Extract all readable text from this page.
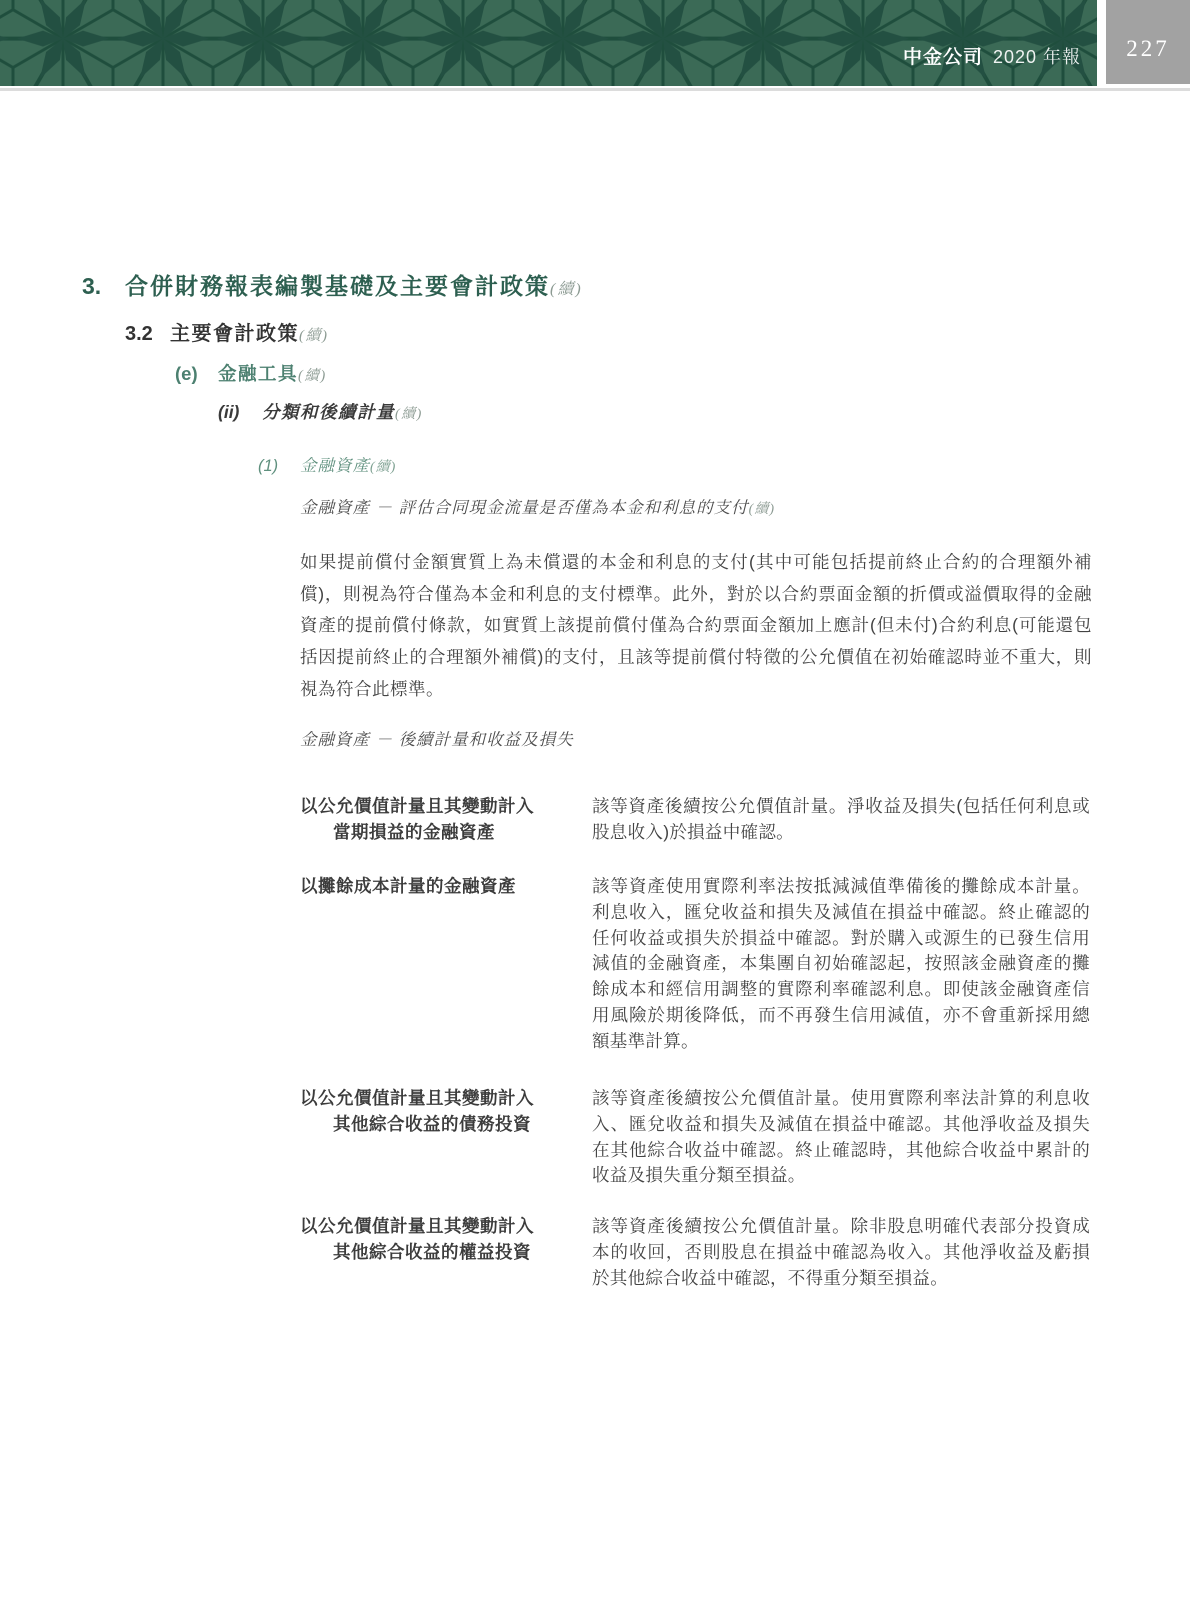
中金公司 2020 年報 227
3. 合併財務報表編製基礎及主要會計政策(續)
3.2 主要會計政策(續)
(e) 金融工具(續)
(ii) 分類和後續計量(續)
(1) 金融資產(續)
金融資產 － 評估合同現金流量是否僅為本金和利息的支付(續)
如果提前償付金額實質上為未償還的本金和利息的支付(其中可能包括提前終止合約的合理額外補償)，則視為符合僅為本金和利息的支付標準。此外，對於以合約票面金額的折價或溢價取得的金融資產的提前償付條款，如實質上該提前償付僅為合約票面金額加上應計(但未付)合約利息(可能還包括因提前終止的合理額外補償)的支付，且該等提前償付特徵的公允價值在初始確認時並不重大，則視為符合此標準。
金融資產 － 後續計量和收益及損失
以公允價值計量且其變動計入
當期損益的金融資產
該等資產後續按公允價值計量。淨收益及損失(包括任何利息或股息收入)於損益中確認。
以攤餘成本計量的金融資產	該等資產使用實際利率法按抵減減值準備後的攤餘成本計量。利息收入，匯兌收益和損失及減值在損益中確認。終止確認的任何收益或損失於損益中確認。對於購入或源生的已發生信用減值的金融資產，本集團自初始確認起，按照該金融資產的攤餘成本和經信用調整的實際利率確認利息。即使該金融資產信用風險於期後降低，而不再發生信用減值，亦不會重新採用總額基準計算。
以公允價值計量且其變動計入
其他綜合收益的債務投資
該等資產後續按公允價值計量。使用實際利率法計算的利息收入、匯兌收益和損失及減值在損益中確認。其他淨收益及損失在其他綜合收益中確認。終止確認時，其他綜合收益中累計的收益及損失重分類至損益。
以公允價值計量且其變動計入
其他綜合收益的權益投資
該等資產後續按公允價值計量。除非股息明確代表部分投資成本的收回，否則股息在損益中確認為收入。其他淨收益及虧損於其他綜合收益中確認，不得重分類至損益。
